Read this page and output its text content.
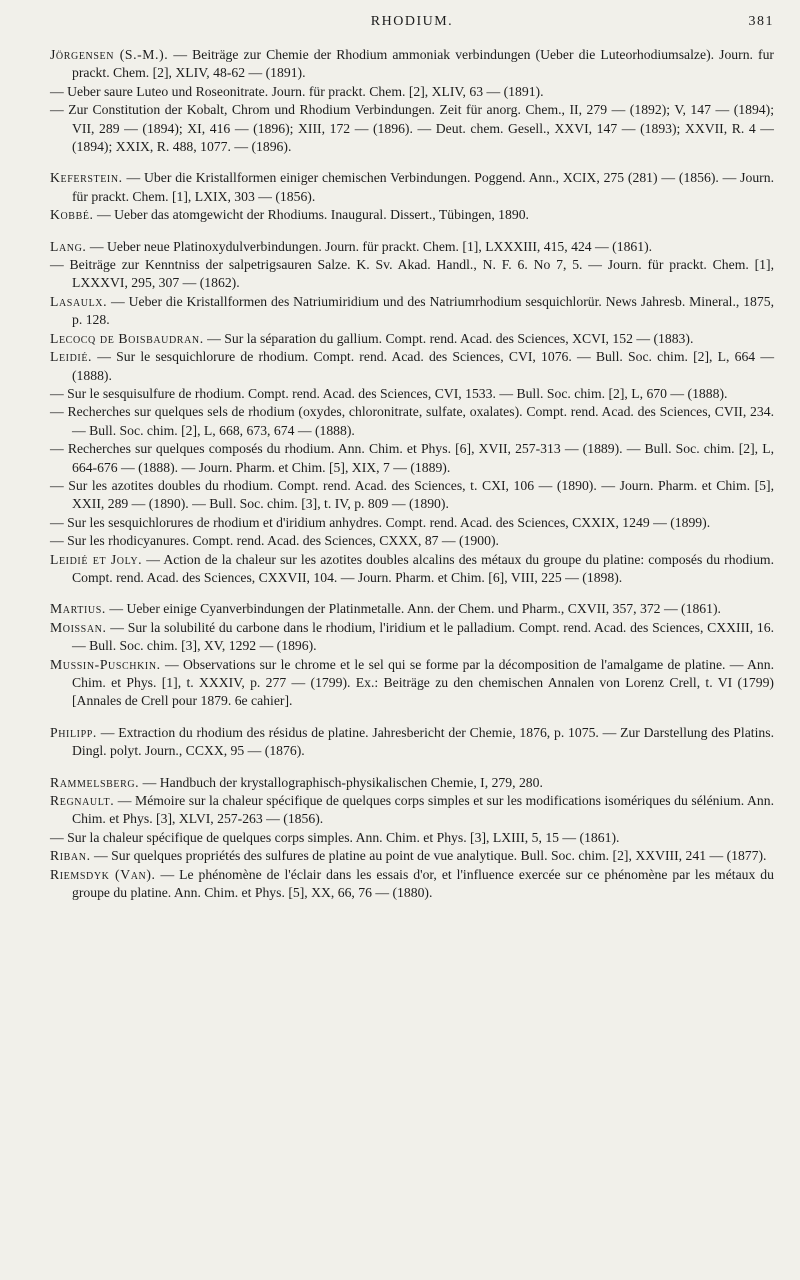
RHODIUM.	381

Jörgensen (S.-M.). — Beiträge zur Chemie der Rhodium ammoniak verbindungen (Ueber die Luteorhodiumsalze). Journ. fur prackt. Chem. [2], XLIV, 48-62 — (1891).

— Ueber saure Luteo und Roseonitrate. Journ. für prackt. Chem. [2], XLIV, 63 — (1891).

— Zur Constitution der Kobalt, Chrom und Rhodium Verbindungen. Zeit für anorg. Chem., II, 279 — (1892); V, 147 — (1894); VII, 289 — (1894); XI, 416 — (1896); XIII, 172 — (1896). — Deut. chem. Gesell., XXVI, 147 — (1893); XXVII, R. 4 — (1894); XXIX, R. 488, 1077. — (1896).

Keferstein. — Uber die Kristallformen einiger chemischen Verbindungen. Poggend. Ann., XCIX, 275 (281) — (1856). — Journ. für prackt. Chem. [1], LXIX, 303 — (1856).

Kobbé. — Ueber das atomgewicht der Rhodiums. Inaugural. Dissert., Tübingen, 1890.

Lang. — Ueber neue Platinoxydulverbindungen. Journ. für prackt. Chem. [1], LXXXIII, 415, 424 — (1861).

— Beiträge zur Kenntniss der salpetrigsauren Salze. K. Sv. Akad. Handl., N. F. 6. No 7, 5. — Journ. für prackt. Chem. [1], LXXXVI, 295, 307 — (1862).

Lasaulx. — Ueber die Kristallformen des Natriumiridium und des Natriumrhodium sesquichlorür. News Jahresb. Mineral., 1875, p. 128.

Lecocq de Boisbaudran. — Sur la séparation du gallium. Compt. rend. Acad. des Sciences, XCVI, 152 — (1883).

Leidié. — Sur le sesquichlorure de rhodium. Compt. rend. Acad. des Sciences, CVI, 1076. — Bull. Soc. chim. [2], L, 664 — (1888).

— Sur le sesquisulfure de rhodium. Compt. rend. Acad. des Sciences, CVI, 1533. — Bull. Soc. chim. [2], L, 670 — (1888).

— Recherches sur quelques sels de rhodium (oxydes, chloronitrate, sulfate, oxalates). Compt. rend. Acad. des Sciences, CVII, 234. — Bull. Soc. chim. [2], L, 668, 673, 674 — (1888).

— Recherches sur quelques composés du rhodium. Ann. Chim. et Phys. [6], XVII, 257-313 — (1889). — Bull. Soc. chim. [2], L, 664-676 — (1888). — Journ. Pharm. et Chim. [5], XIX, 7 — (1889).

— Sur les azotites doubles du rhodium. Compt. rend. Acad. des Sciences, t. CXI, 106 — (1890). — Journ. Pharm. et Chim. [5], XXII, 289 — (1890). — Bull. Soc. chim. [3], t. IV, p. 809 — (1890).

— Sur les sesquichlorures de rhodium et d'iridium anhydres. Compt. rend. Acad. des Sciences, CXXIX, 1249 — (1899).

— Sur les rhodicyanures. Compt. rend. Acad. des Sciences, CXXX, 87 — (1900).

Leidié et Joly. — Action de la chaleur sur les azotites doubles alcalins des métaux du groupe du platine: composés du rhodium. Compt. rend. Acad. des Sciences, CXXVII, 104. — Journ. Pharm. et Chim. [6], VIII, 225 — (1898).

Martius. — Ueber einige Cyanverbindungen der Platinmetalle. Ann. der Chem. und Pharm., CXVII, 357, 372 — (1861).

Moissan. — Sur la solubilité du carbone dans le rhodium, l'iridium et le palladium. Compt. rend. Acad. des Sciences, CXXIII, 16. — Bull. Soc. chim. [3], XV, 1292 — (1896).

Mussin-Puschkin. — Observations sur le chrome et le sel qui se forme par la décomposition de l'amalgame de platine. — Ann. Chim. et Phys. [1], t. XXXIV, p. 277 — (1799). Ex.: Beiträge zu den chemischen Annalen von Lorenz Crell, t. VI (1799) [Annales de Crell pour 1879. 6e cahier].

Philipp. — Extraction du rhodium des résidus de platine. Jahresbericht der Chemie, 1876, p. 1075. — Zur Darstellung des Platins. Dingl. polyt. Journ., CCXX, 95 — (1876).

Rammelsberg. — Handbuch der krystallographisch-physikalischen Chemie, I, 279, 280.

Regnault. — Mémoire sur la chaleur spécifique de quelques corps simples et sur les modifications isomériques du sélénium. Ann. Chim. et Phys. [3], XLVI, 257-263 — (1856).

— Sur la chaleur spécifique de quelques corps simples. Ann. Chim. et Phys. [3], LXIII, 5, 15 — (1861).

Riban. — Sur quelques propriétés des sulfures de platine au point de vue analytique. Bull. Soc. chim. [2], XXVIII, 241 — (1877).

Riemsdyk (Van). — Le phénomène de l'éclair dans les essais d'or, et l'influence exercée sur ce phénomène par les métaux du groupe du platine. Ann. Chim. et Phys. [5], XX, 66, 76 — (1880).
